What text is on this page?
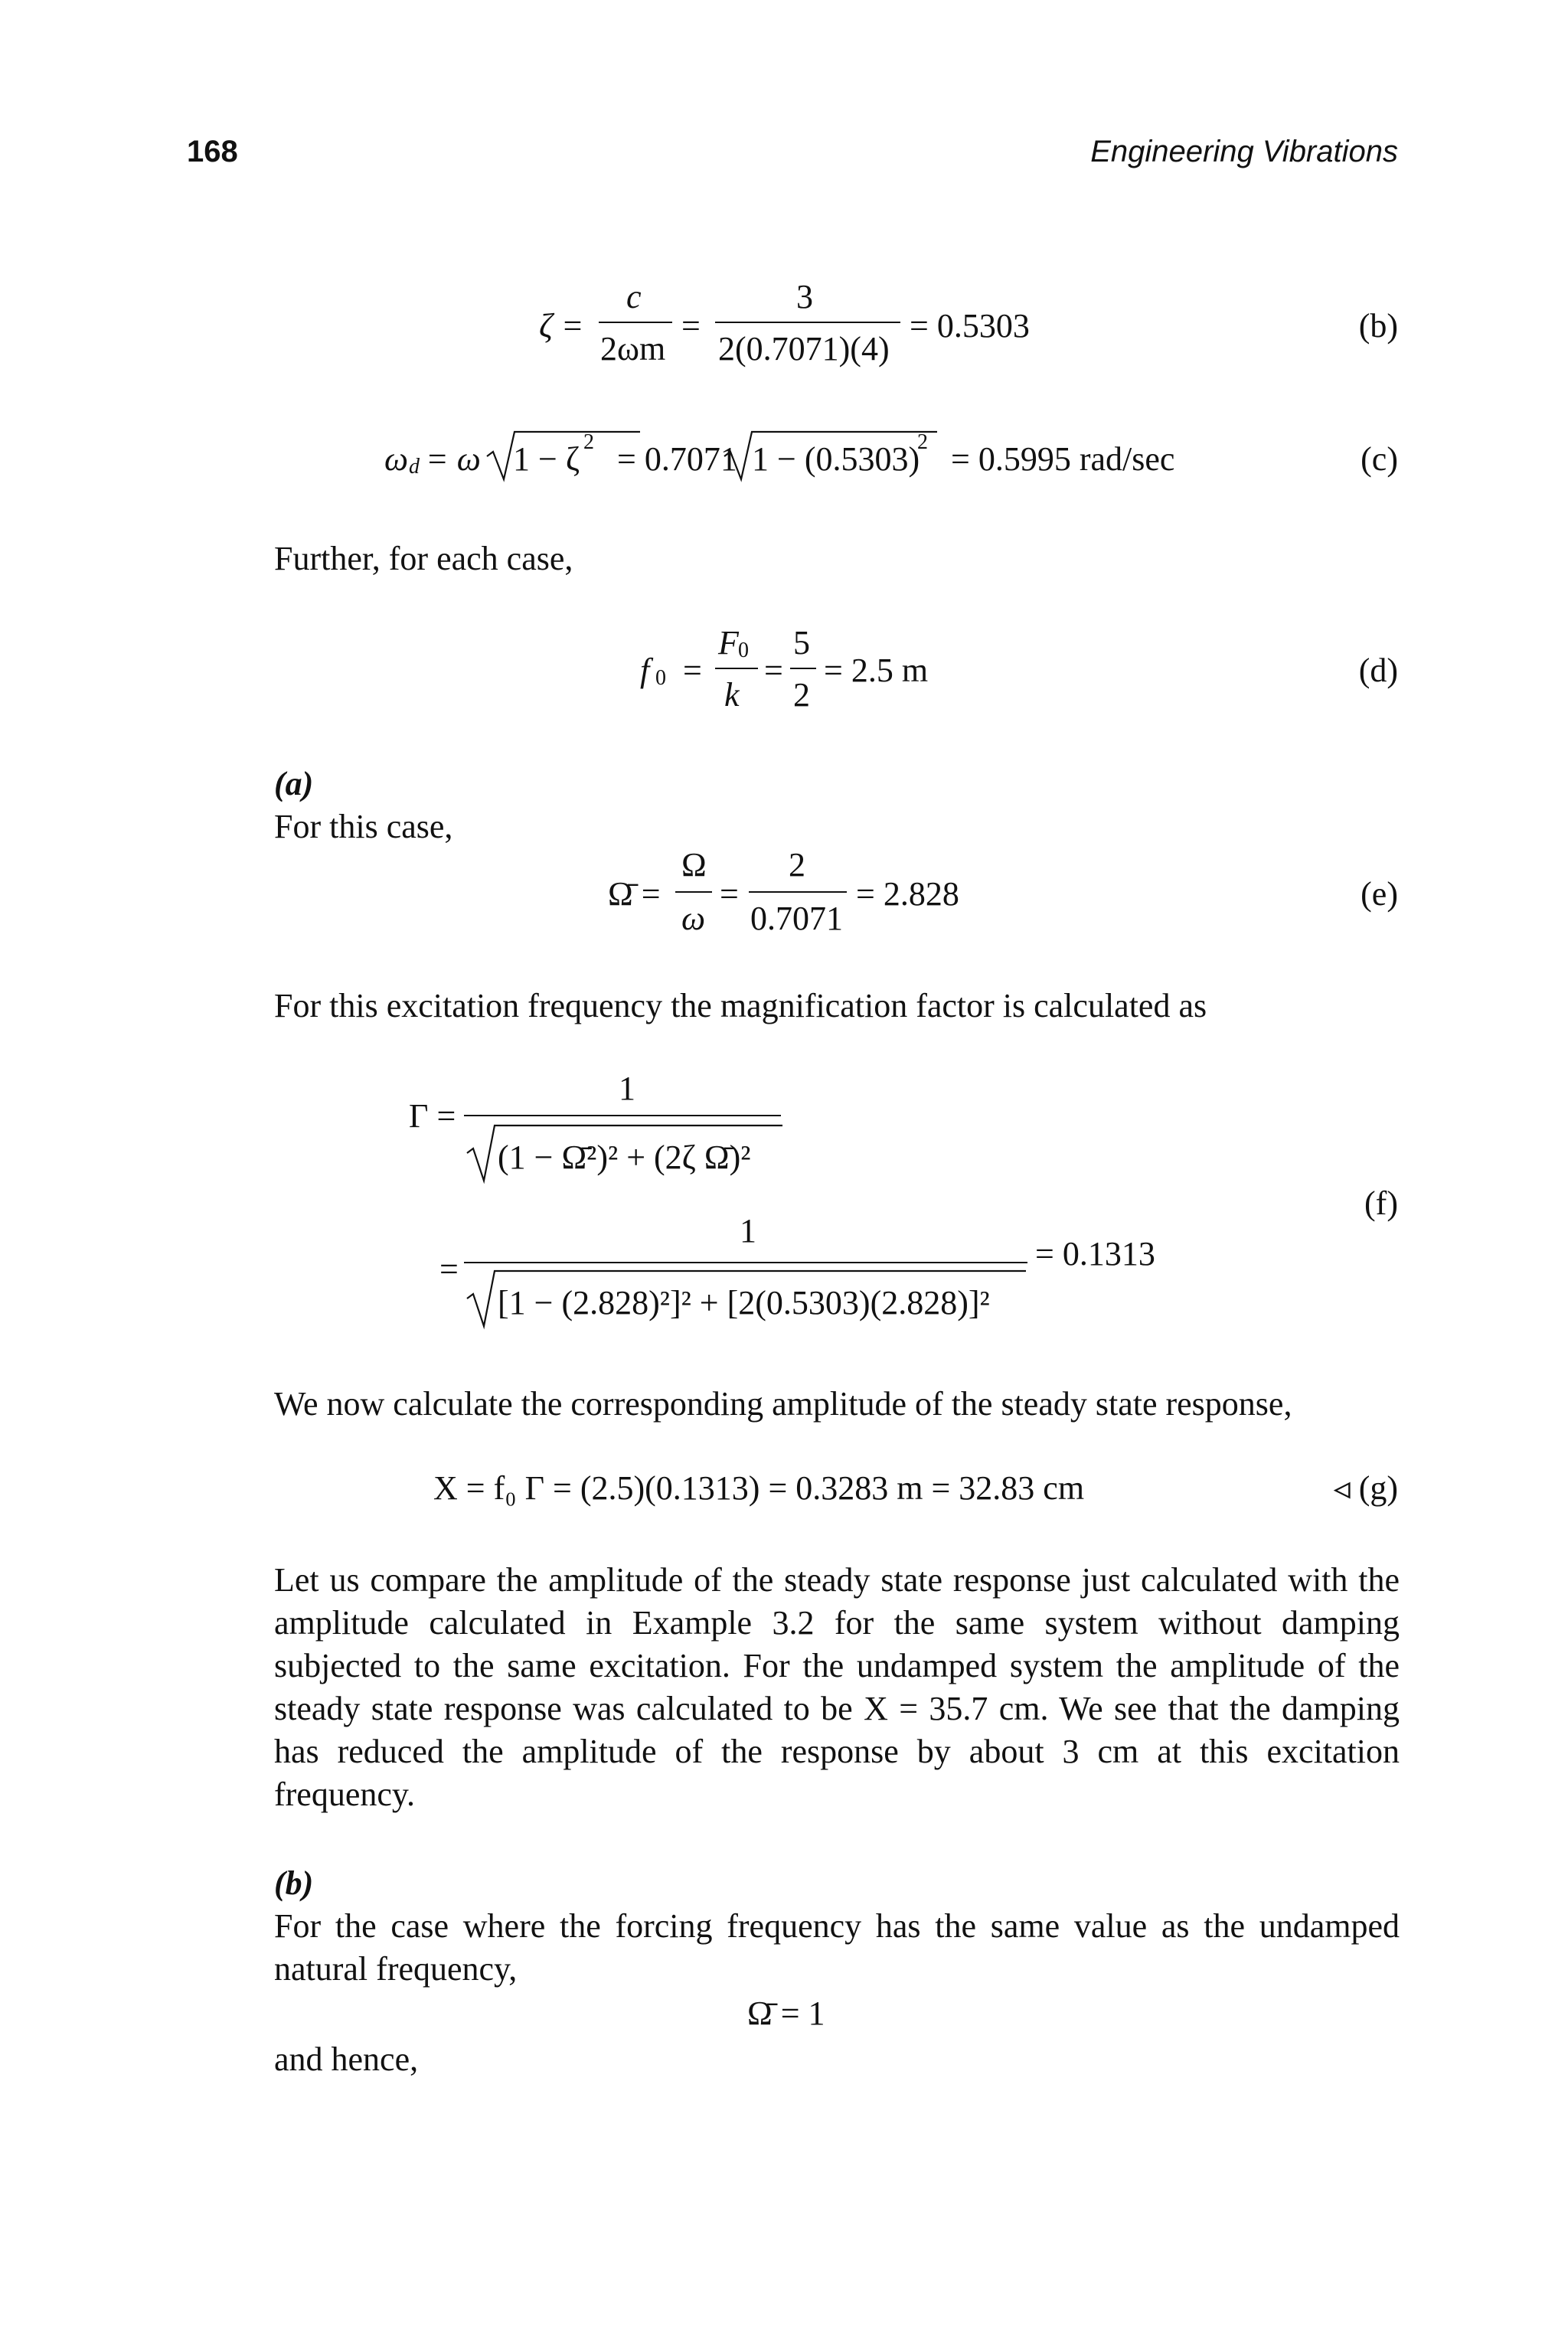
168	Engineering Vibrations
ζ =
c
2ωm
=
3
2(0.7071)(4)
= 0.5303	(b)
ω d = ω 1 − ζ 2 = 0.7071 1 − (0.5303)
2 = 0.5995 rad/sec	(c)
Further, for each case,
f 0 =
F 0
k
=
5
2
= 2.5 m	(d)
(a)
For this case,
Ω̄ =
Ω
ω
=
2
0.7071
= 2.828	(e)
For this excitation frequency the magnification factor is calculated as
Γ =
1
(1 − Ω̄²)² + (2ζ Ω̄)²
=
1
[1 − (2.828)²]² + [2(0.5303)(2.828)]²
= 0.1313
(f)
We now calculate the corresponding amplitude of the steady state response,
X = f₀ Γ = (2.5)(0.1313) = 0.3283 m = 32.83 cm	◃ (g)
Let us compare the amplitude of the steady state response just calculated with the amplitude calculated in Example 3.2 for the same system without damping subjected to the same excitation. For the undamped system the amplitude of the steady state response was calculated to be X = 35.7 cm. We see that the damping has reduced the amplitude of the response by about 3 cm at this excitation frequency.
(b)
For the case where the forcing frequency has the same value as the undamped natural frequency,
Ω̄ = 1
and hence,
